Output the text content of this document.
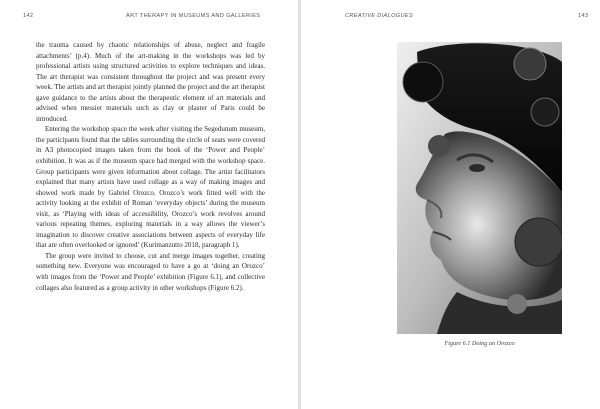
142	ART THERAPY IN MUSEUMS AND GALLERIES

the trauma caused by chaotic relationships of abuse, neglect and fragile attachments’ (p.4). Much of the art-making in the workshops was led by professional artists using structured activities to explore techniques and ideas. The art therapist was consistent throughout the project and was present every week. The artists and art therapist jointly planned the project and the art therapist gave guidance to the artists about the therapeutic element of art materials and advised when messier materials such as clay or plaster of Paris could be introduced.

Entering the workshop space the week after visiting the Segedunum museum, the participants found that the tables surrounding the circle of seats were covered in A3 photocopied images taken from the book of the ‘Power and People’ exhibition. It was as if the museum space had merged with the workshop space. Group participants were given information about collage. The artist facilitators explained that many artists have used collage as a way of making images and showed work made by Gabriel Orozco. Orozco’s work fitted well with the activity looking at the exhibit of Roman ‘everyday objects’ during the museum visit, as ‘Playing with ideas of accessibility, Orozco’s work revolves around various repeating themes, exploring materials in a way allows the viewer’s imagination to discover creative associations between aspects of everyday life that are often overlooked or ignored’ (Kurimanzutto 2018, paragraph 1).

The group were invited to choose, cut and merge images together, creating something new. Everyone was encouraged to have a go at ‘doing an Orozco’ with images from the ‘Power and People’ exhibition (Figure 6.1), and collective collages also featured as a group activity in other workshops (Figure 6.2).

CREATIVE DIALOGUES	143
Figure 6.1 Doing an Orozco
